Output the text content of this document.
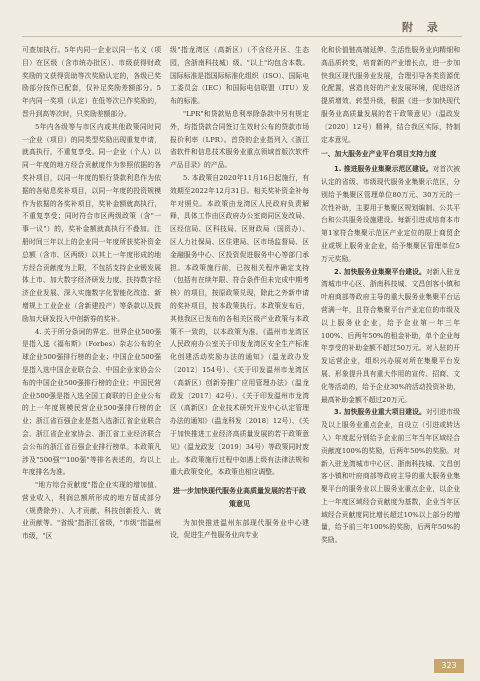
附 录

可查加执行。5年内同一企业以同一名义（项目）在区级（含市统办批区）、市级获得财政奖励的文获得资助等次奖励认定的，各级已奖励部分按作已配套，仅补足奖励差额部分。5年内同一奖项（认定）在低等次已作奖励的，晋升到高等次时，只奖励差额部分。

5年内各级等与市区内或其他政策同时同一企业（项目）的同类型奖励出现重复申请，就高执行，不重复享受。同一企业（个人）以同一年度的地方经合贡献度作为参照依据的各奖补项目，以同一年度的银行贷款利息作为依据的各贴息奖补项目，以同一年度的投资规模作为依据的各奖补项目，奖补金额就高执行，不重复享受；同时符合市区两级政策（含"一事一议"）的，奖补金额就高执行不叠加。注册时间三年以上的企业同一年度所获奖补资金总额（含市、区两级）以其上一年度形成的地方经合贡献度为上限，不包括支持企业锻发展体上市、加大数字经济研发力度、扶持数字经济企业发展、深入实施数字化智能化改造、新增规上工业企业（含新建投产）等条款以及鼓励加大研发投入中创新券的奖补。

4. 关于所分条词的界定。世界企业500强是指入选《福布斯》（Forbes）杂志公布的全球企业500强排行榜的企业；中国企业500强是指入选中国企业联合会、中国企业家协会公布的中国企业500强排行榜的企业；中国民营企业500强是指入选全国工商联的日企业公布的上一年度规模民营企业500强排行榜的企业；浙江省百强企业是指入选浙江省企业联合会、浙江省企业家协会、浙江省工业经济联合会公布的浙江省百强企业排行榜单。本政策凡涉及"500强""100强"等排名表述的，均以上年度排名为准。

"地方综合贡献度"指企业实现的增加值、营业收入，利润总额所形成的地方留成部分（规费除外）、人才贡献、科技创新投入、就业贡献等。"省级"指浙江省级，"市级"指温州市级，"区

级"指龙湾区（高新区）（不含经开区、生态园，含浙南科技城）级。"以上"均包含本数。国际标准是指国际标准化组织（ISO）、国际电工委员会（IEC）和国际电信联盟（ITU）发布的标准。

"LPR"和贷款贴息利率除条款中另有规定外，均指贷款合同签订生效时公布的贷款市场报价利率（LPR）。首贷的企业指列入《浙江省软件和信息技术服务业重点领域首版次软件产品目录》的产品。

5. 本政策自2020年11月16日起施行，有效期至2022年12月31日。相关奖补资金补每年对照兑。本政策由龙湾区人民政府负责解释，具体工作由区政府办公室商同区发改局、区经信局、区科技局、区财政局（国资办）、区人力社保局、区住建局、区市场监督局、区金融服务中心、区投资促进服务中心等部门承担。本政策施行前，已按相关程序确定支持（包括有在续年限、符合条件但未完成中期考核）的项目，按原政策兑现，除此之外新申请的奖补项目，按本政策执行。本政策发布后，其他我区已发布的各相关区级产业政策与本政策不一致的，以本政策为准。《温州市龙湾区人民政府办公室关于印发龙湾区安全生产标准化创建活动奖励办法的通知》（温龙政办发〔2012〕154号）、《关于印发温州市龙湾区（高新区）创新券推广应用管理办法》（温龙政发〔2017〕42号）、《关于印发温州市龙湾区（高新区）企业技术研究开发中心认定管理办法的通知》（温龙科发〔2018〕12号）、《关于加快推进工业经济高质量发展的若干政策意见》（温龙政发〔2019〕34号）等政策同时废止。本政策施行过程中如遇上级有法律法规和重大政策变化，本政策也相应调整。

进一步加快现代服务业高质量发展的若干政策意见

为加快推进温州东部现代服务业中心建设，促进生产性服务业向专业

化和价值链高端延伸、生活性服务业向精细和高品质转变，培育新的产业增长点，进一步加快我区现代服务业发展，合理引导各类资源优化配置，营造良好的产业发展环境，促进经济提质增效、转型升级，根据《进一步加快现代服务业高质量发展的若干政策意见》（温政发〔2020〕12号）精神，结合我区实际，特制定本意见。

一、加大服务业产业平台项目支持力度

1. 推进服务业集聚示范区建设。对首次被认定的省级、市级现代服务业集聚示范区，分别给予集聚区管理单位80万元、30万元的一次性补助，主要用于集聚区规划编制、公共平台和公共服务设施建设。每新引进或培育本市第1家符合集聚示范区产业定位的限上商贸企业或规上服务业企业，给予集聚区管理单位5万元奖励。

2. 加快服务业集聚平台建设。对新入驻龙湾城市中心区、浙南科技城、文昌创客小镇和叶府商部等政府主导的重大服务业集聚平台运营满一年，且符合集聚平台产业定位的市级及以上服务业企业，给予企业第一年三年100%、后两年50%的租金补助，单个企业每年享受的补助金额不超过50万元。对入驻的开发运营企业，组织兴办展对所在集聚平台发展、形象提升具有重大作用的宣传、招商、文化等活动的，给予企业30%的活动投资补助，最高补助金额不超过20万元。

3. 加快服务业重大项目建设。对引进市级及以上服务业重点企业，自设立（引进或转达入）年度起分别给予企业前三年当年区域经合贡献度100%的奖励，后两年50%的奖励。对新入驻龙湾城市中心区、浙南科技城、文昌创客小镇和叶府商部等政府主导的重大服务业集聚平台的服务业以上服务业重点企业，以企业上一年度区域经合贡献度为基数，企业当年区域经合贡献度同比增长超过10%以上部分的增量，给予前三年100%的奖励，后两年50%的奖励。

323
